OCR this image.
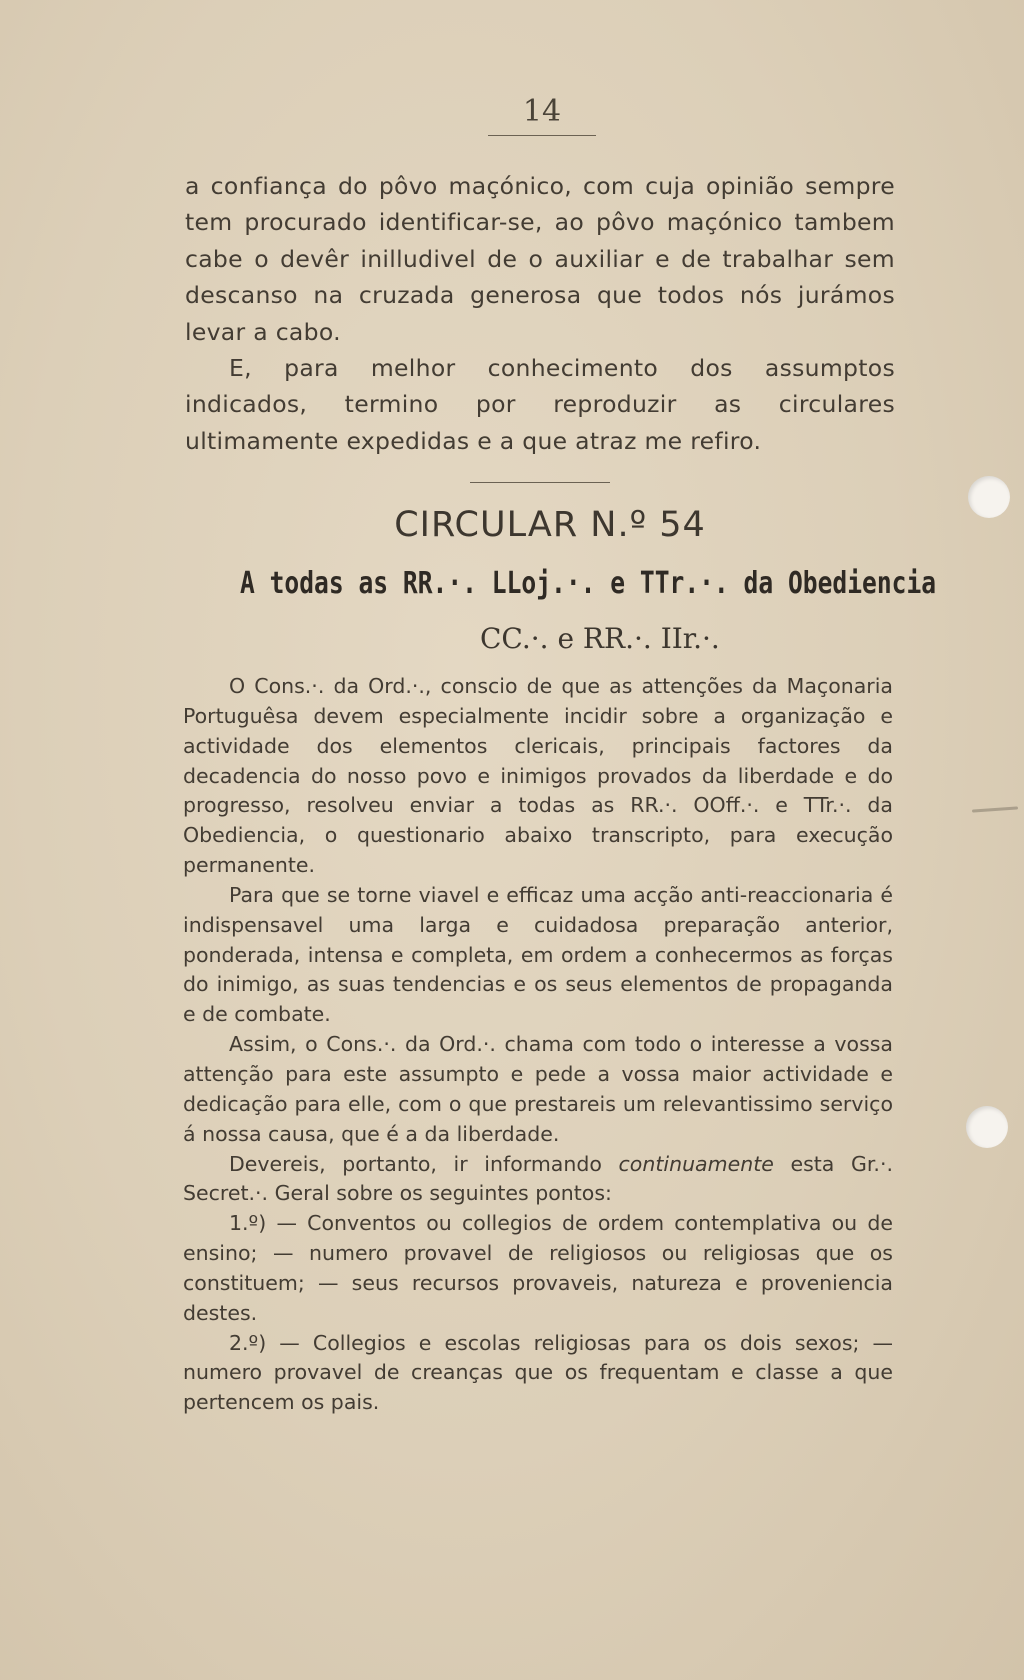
14

a confiança do pôvo maçónico, com cuja opinião sempre tem procurado identificar-se, ao pôvo maçónico tambem cabe o devêr inilludivel de o auxiliar e de trabalhar sem descanso na cruzada generosa que todos nós jurámos levar a cabo.

E, para melhor conhecimento dos assumptos indicados, termino por reproduzir as circulares ultimamente expedidas e a que atraz me refiro.

CIRCULAR N.º 54
A todas as RR.·. LLoj.·. e TTr.·. da Obediencia
CC.·. e RR.·. IIr.·.

O Cons.·. da Ord.·., conscio de que as attenções da Maçonaria Portuguêsa devem especialmente incidir sobre a organização e actividade dos elementos clericais, principais factores da decadencia do nosso povo e inimigos provados da liberdade e do progresso, resolveu enviar a todas as RR.·. OOff.·. e TTr.·. da Obediencia, o questionario abaixo transcripto, para execução permanente.

Para que se torne viavel e efficaz uma acção anti-reaccionaria é indispensavel uma larga e cuidadosa preparação anterior, ponderada, intensa e completa, em ordem a conhecermos as forças do inimigo, as suas tendencias e os seus elementos de propaganda e de combate.

Assim, o Cons.·. da Ord.·. chama com todo o interesse a vossa attenção para este assumpto e pede a vossa maior actividade e dedicação para elle, com o que prestareis um relevantissimo serviço á nossa causa, que é a da liberdade.

Devereis, portanto, ir informando continuamente esta Gr.·. Secret.·. Geral sobre os seguintes pontos:

1.º) — Conventos ou collegios de ordem contemplativa ou de ensino; — numero provavel de religiosos ou religiosas que os constituem; — seus recursos provaveis, natureza e proveniencia destes.

2.º) — Collegios e escolas religiosas para os dois sexos; — numero provavel de creanças que os frequentam e classe a que pertencem os pais.
